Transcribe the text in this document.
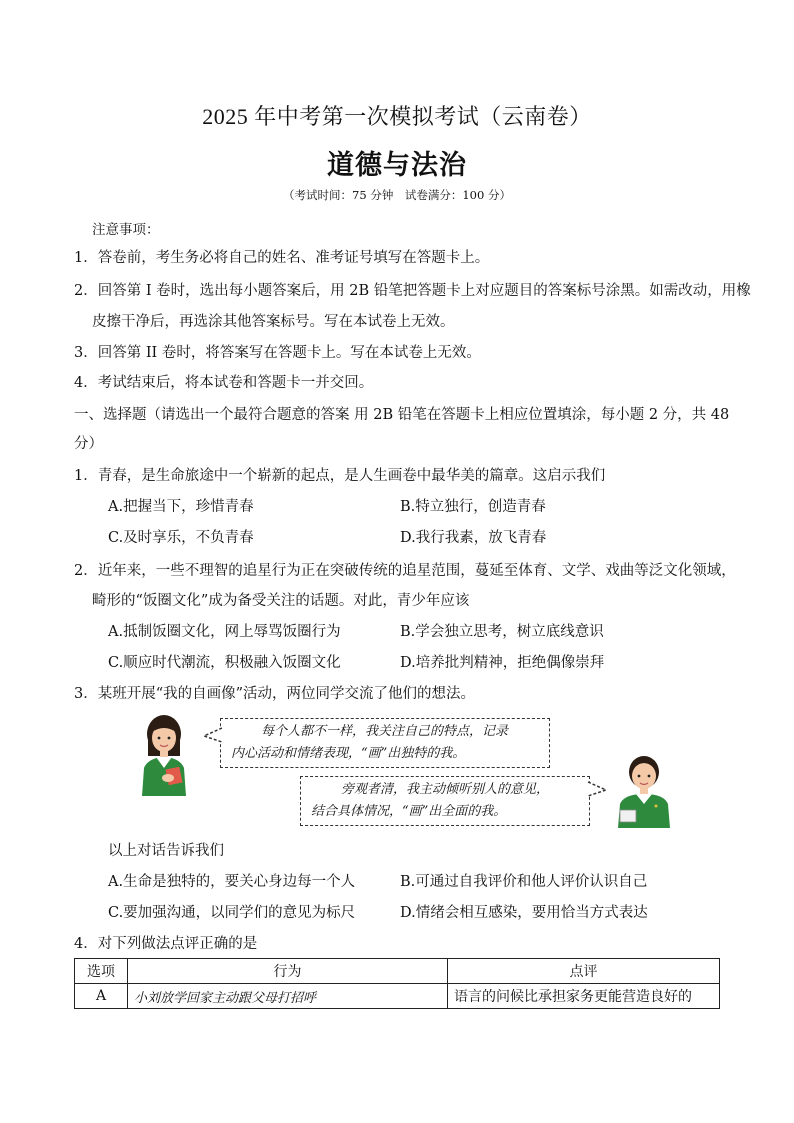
2025 年中考第一次模拟考试（云南卷）
道德与法治
（考试时间：75 分钟　试卷满分：100 分）
注意事项：
1．答卷前，考生务必将自己的姓名、准考证号填写在答题卡上。
2．回答第 I 卷时，选出每小题答案后，用 2B 铅笔把答题卡上对应题目的答案标号涂黑。如需改动，用橡
皮擦干净后，再选涂其他答案标号。写在本试卷上无效。
3．回答第 II 卷时，将答案写在答题卡上。写在本试卷上无效。
4．考试结束后，将本试卷和答题卡一并交回。
一、选择题（请选出一个最符合题意的答案 用 2B 铅笔在答题卡上相应位置填涂，每小题 2 分，共 48
分）
1．青春，是生命旅途中一个崭新的起点，是人生画卷中最华美的篇章。这启示我们
A.把握当下，珍惜青春	B.特立独行，创造青春
C.及时享乐，不负青春	D.我行我素，放飞青春
2．近年来，一些不理智的追星行为正在突破传统的追星范围，蔓延至体育、文学、戏曲等泛文化领域，
畸形的“饭圈文化”成为备受关注的话题。对此，青少年应该
A.抵制饭圈文化，网上辱骂饭圈行为	B.学会独立思考，树立底线意识
C.顺应时代潮流，积极融入饭圈文化	D.培养批判精神，拒绝偶像崇拜
3．某班开展“我的自画像”活动，两位同学交流了他们的想法。
每个人都不一样，我关注自己的特点，记录
内心活动和情绪表现，“画”出独特的我。
旁观者清，我主动倾听别人的意见，
结合具体情况，“画”出全面的我。
以上对话告诉我们
A.生命是独特的，要关心身边每一个人	B.可通过自我评价和他人评价认识自己
C.要加强沟通，以同学们的意见为标尺	D.情绪会相互感染，要用恰当方式表达
4．对下列做法点评正确的是
选项	行为	点评
A	小刘放学回家主动跟父母打招呼	语言的问候比承担家务更能营造良好的
